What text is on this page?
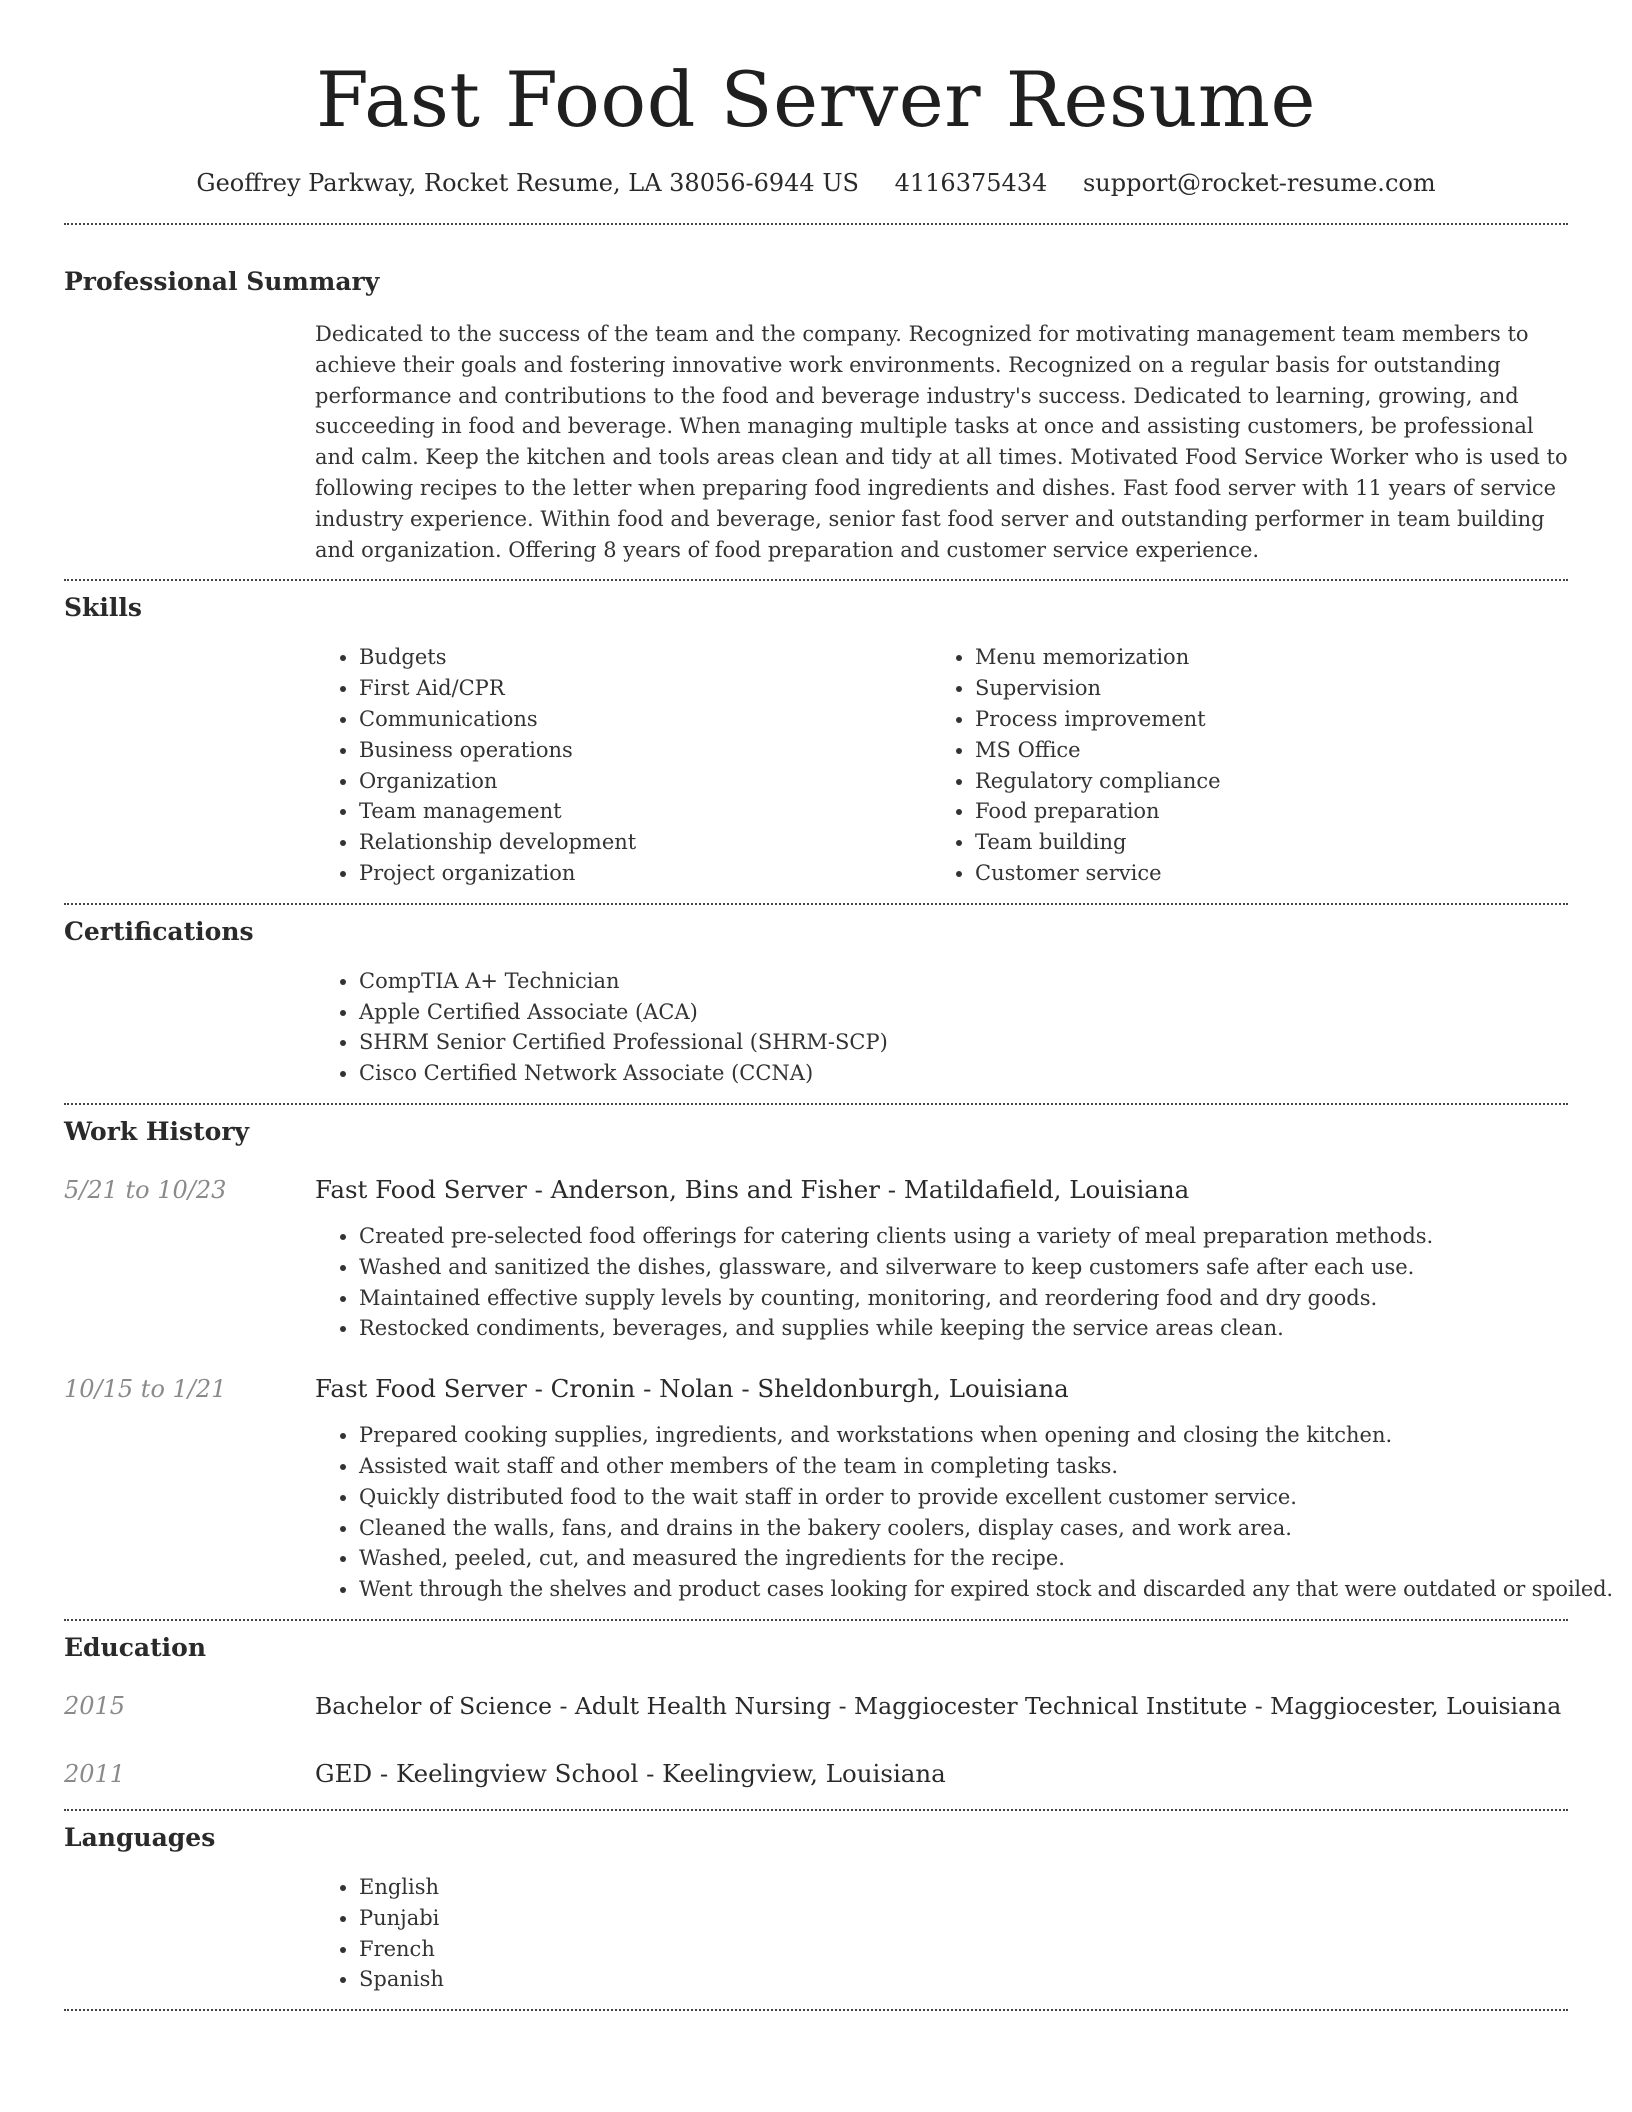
Fast Food Server Resume
Geoffrey Parkway, Rocket Resume, LA 38056-6944 US 4116375434 support@rocket-resume.com
Professional Summary
Dedicated to the success of the team and the company. Recognized for motivating management team members to achieve their goals and fostering innovative work environments. Recognized on a regular basis for outstanding performance and contributions to the food and beverage industry's success. Dedicated to learning, growing, and succeeding in food and beverage. When managing multiple tasks at once and assisting customers, be professional and calm. Keep the kitchen and tools areas clean and tidy at all times. Motivated Food Service Worker who is used to following recipes to the letter when preparing food ingredients and dishes. Fast food server with 11 years of service industry experience. Within food and beverage, senior fast food server and outstanding performer in team building and organization. Offering 8 years of food preparation and customer service experience.
Skills
• Budgets
• First Aid/CPR
• Communications
• Business operations
• Organization
• Team management
• Relationship development
• Project organization
• Menu memorization
• Supervision
• Process improvement
• MS Office
• Regulatory compliance
• Food preparation
• Team building
• Customer service
Certifications
• CompTIA A+ Technician
• Apple Certified Associate (ACA)
• SHRM Senior Certified Professional (SHRM-SCP)
• Cisco Certified Network Associate (CCNA)
Work History
5/21 to 10/23	Fast Food Server - Anderson, Bins and Fisher - Matildafield, Louisiana
• Created pre-selected food offerings for catering clients using a variety of meal preparation methods.
• Washed and sanitized the dishes, glassware, and silverware to keep customers safe after each use.
• Maintained effective supply levels by counting, monitoring, and reordering food and dry goods.
• Restocked condiments, beverages, and supplies while keeping the service areas clean.
10/15 to 1/21	Fast Food Server - Cronin - Nolan - Sheldonburgh, Louisiana
• Prepared cooking supplies, ingredients, and workstations when opening and closing the kitchen.
• Assisted wait staff and other members of the team in completing tasks.
• Quickly distributed food to the wait staff in order to provide excellent customer service.
• Cleaned the walls, fans, and drains in the bakery coolers, display cases, and work area.
• Washed, peeled, cut, and measured the ingredients for the recipe.
• Went through the shelves and product cases looking for expired stock and discarded any that were outdated or spoiled.
Education
2015	Bachelor of Science - Adult Health Nursing - Maggiocester Technical Institute - Maggiocester, Louisiana
2011	GED - Keelingview School - Keelingview, Louisiana
Languages
• English
• Punjabi
• French
• Spanish
